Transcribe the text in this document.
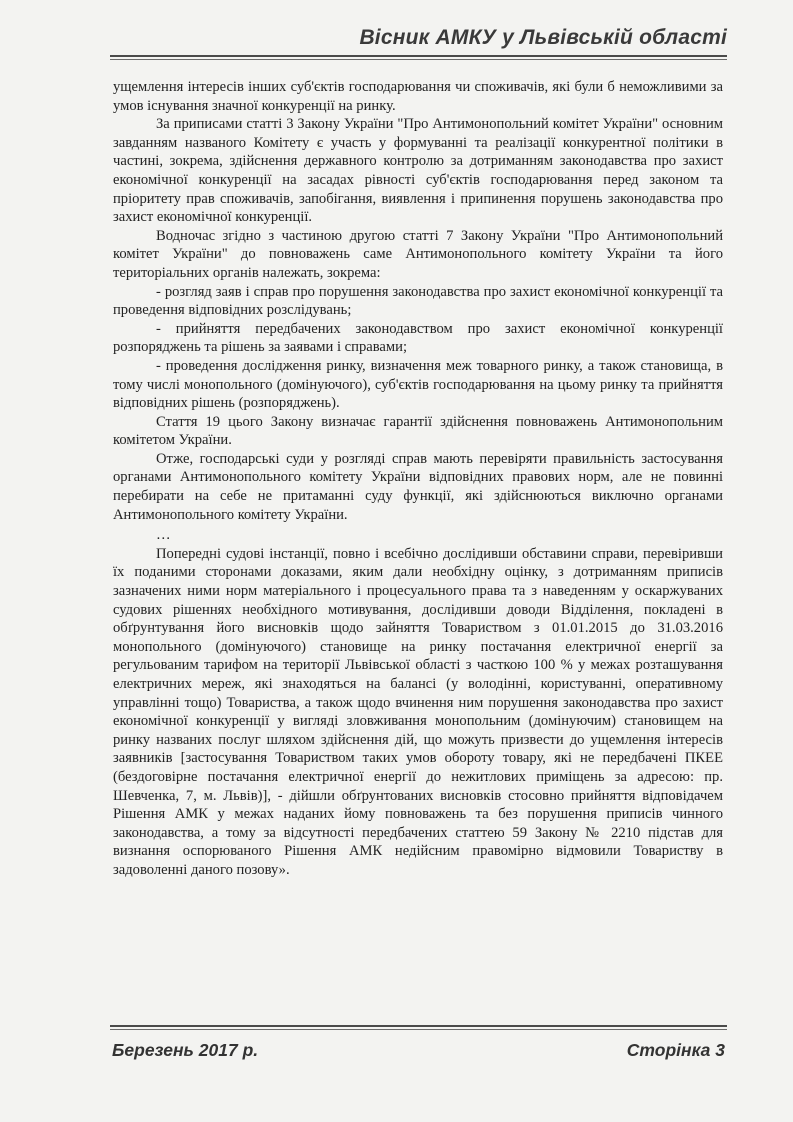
Вісник АМКУ у Львівській області

ущемлення інтересів інших суб'єктів господарювання чи споживачів, які були б неможливими за умов існування значної конкуренції на ринку.

За приписами статті 3 Закону України "Про Антимонопольний комітет України" основним завданням названого Комітету є участь у формуванні та реалізації конкурентної політики в частині, зокрема, здійснення державного контролю за дотриманням законодавства про захист економічної конкуренції на засадах рівності суб'єктів господарювання перед законом та пріоритету прав споживачів, запобігання, виявлення і припинення порушень законодавства про захист економічної конкуренції.

Водночас згідно з частиною другою статті 7 Закону України "Про Антимонопольний комітет України" до повноважень саме Антимонопольного комітету України та його територіальних органів належать, зокрема:

- розгляд заяв і справ про порушення законодавства про захист економічної конкуренції та проведення відповідних розслідувань;

- прийняття передбачених законодавством про захист економічної конкуренції розпоряджень та рішень за заявами і справами;

- проведення дослідження ринку, визначення меж товарного ринку, а також становища, в тому числі монопольного (домінуючого), суб'єктів господарювання на цьому ринку та прийняття відповідних рішень (розпоряджень).

Стаття 19 цього Закону визначає гарантії здійснення повноважень Антимонопольним комітетом України.

Отже, господарські суди у розгляді справ мають перевіряти правильність застосування органами Антимонопольного комітету України відповідних правових норм, але не повинні перебирати на себе не притаманні суду функції, які здійснюються виключно органами Антимонопольного комітету України.

…

Попередні судові інстанції, повно і всебічно дослідивши обставини справи, перевіривши їх поданими сторонами доказами, яким дали необхідну оцінку, з дотриманням приписів зазначених ними норм матеріального і процесуального права та з наведенням у оскаржуваних судових рішеннях необхідного мотивування, дослідивши доводи Відділення, покладені в обґрунтування його висновків щодо зайняття Товариством з 01.01.2015 до 31.03.2016 монопольного (домінуючого) становище на ринку постачання електричної енергії за регульованим тарифом на території Львівської області з часткою 100 % у межах розташування електричних мереж, які знаходяться на балансі (у володінні, користуванні, оперативному управлінні тощо) Товариства, а також щодо вчинення ним порушення законодавства про захист економічної конкуренції у вигляді зловживання монопольним (домінуючим) становищем на ринку названих послуг шляхом здійснення дій, що можуть призвести до ущемлення інтересів заявників [застосування Товариством таких умов обороту товару, які не передбачені ПКЕЕ (бездоговірне постачання електричної енергії до нежитлових приміщень за адресою: пр. Шевченка, 7, м. Львів)], - дійшли обґрунтованих висновків стосовно прийняття відповідачем Рішення АМК у межах наданих йому повноважень та без порушення приписів чинного законодавства, а тому за відсутності передбачених статтею 59 Закону № 2210 підстав для визнання оспорюваного Рішення АМК недійсним правомірно відмовили Товариству в задоволенні даного позову».

Березень 2017 р.	Сторінка 3
